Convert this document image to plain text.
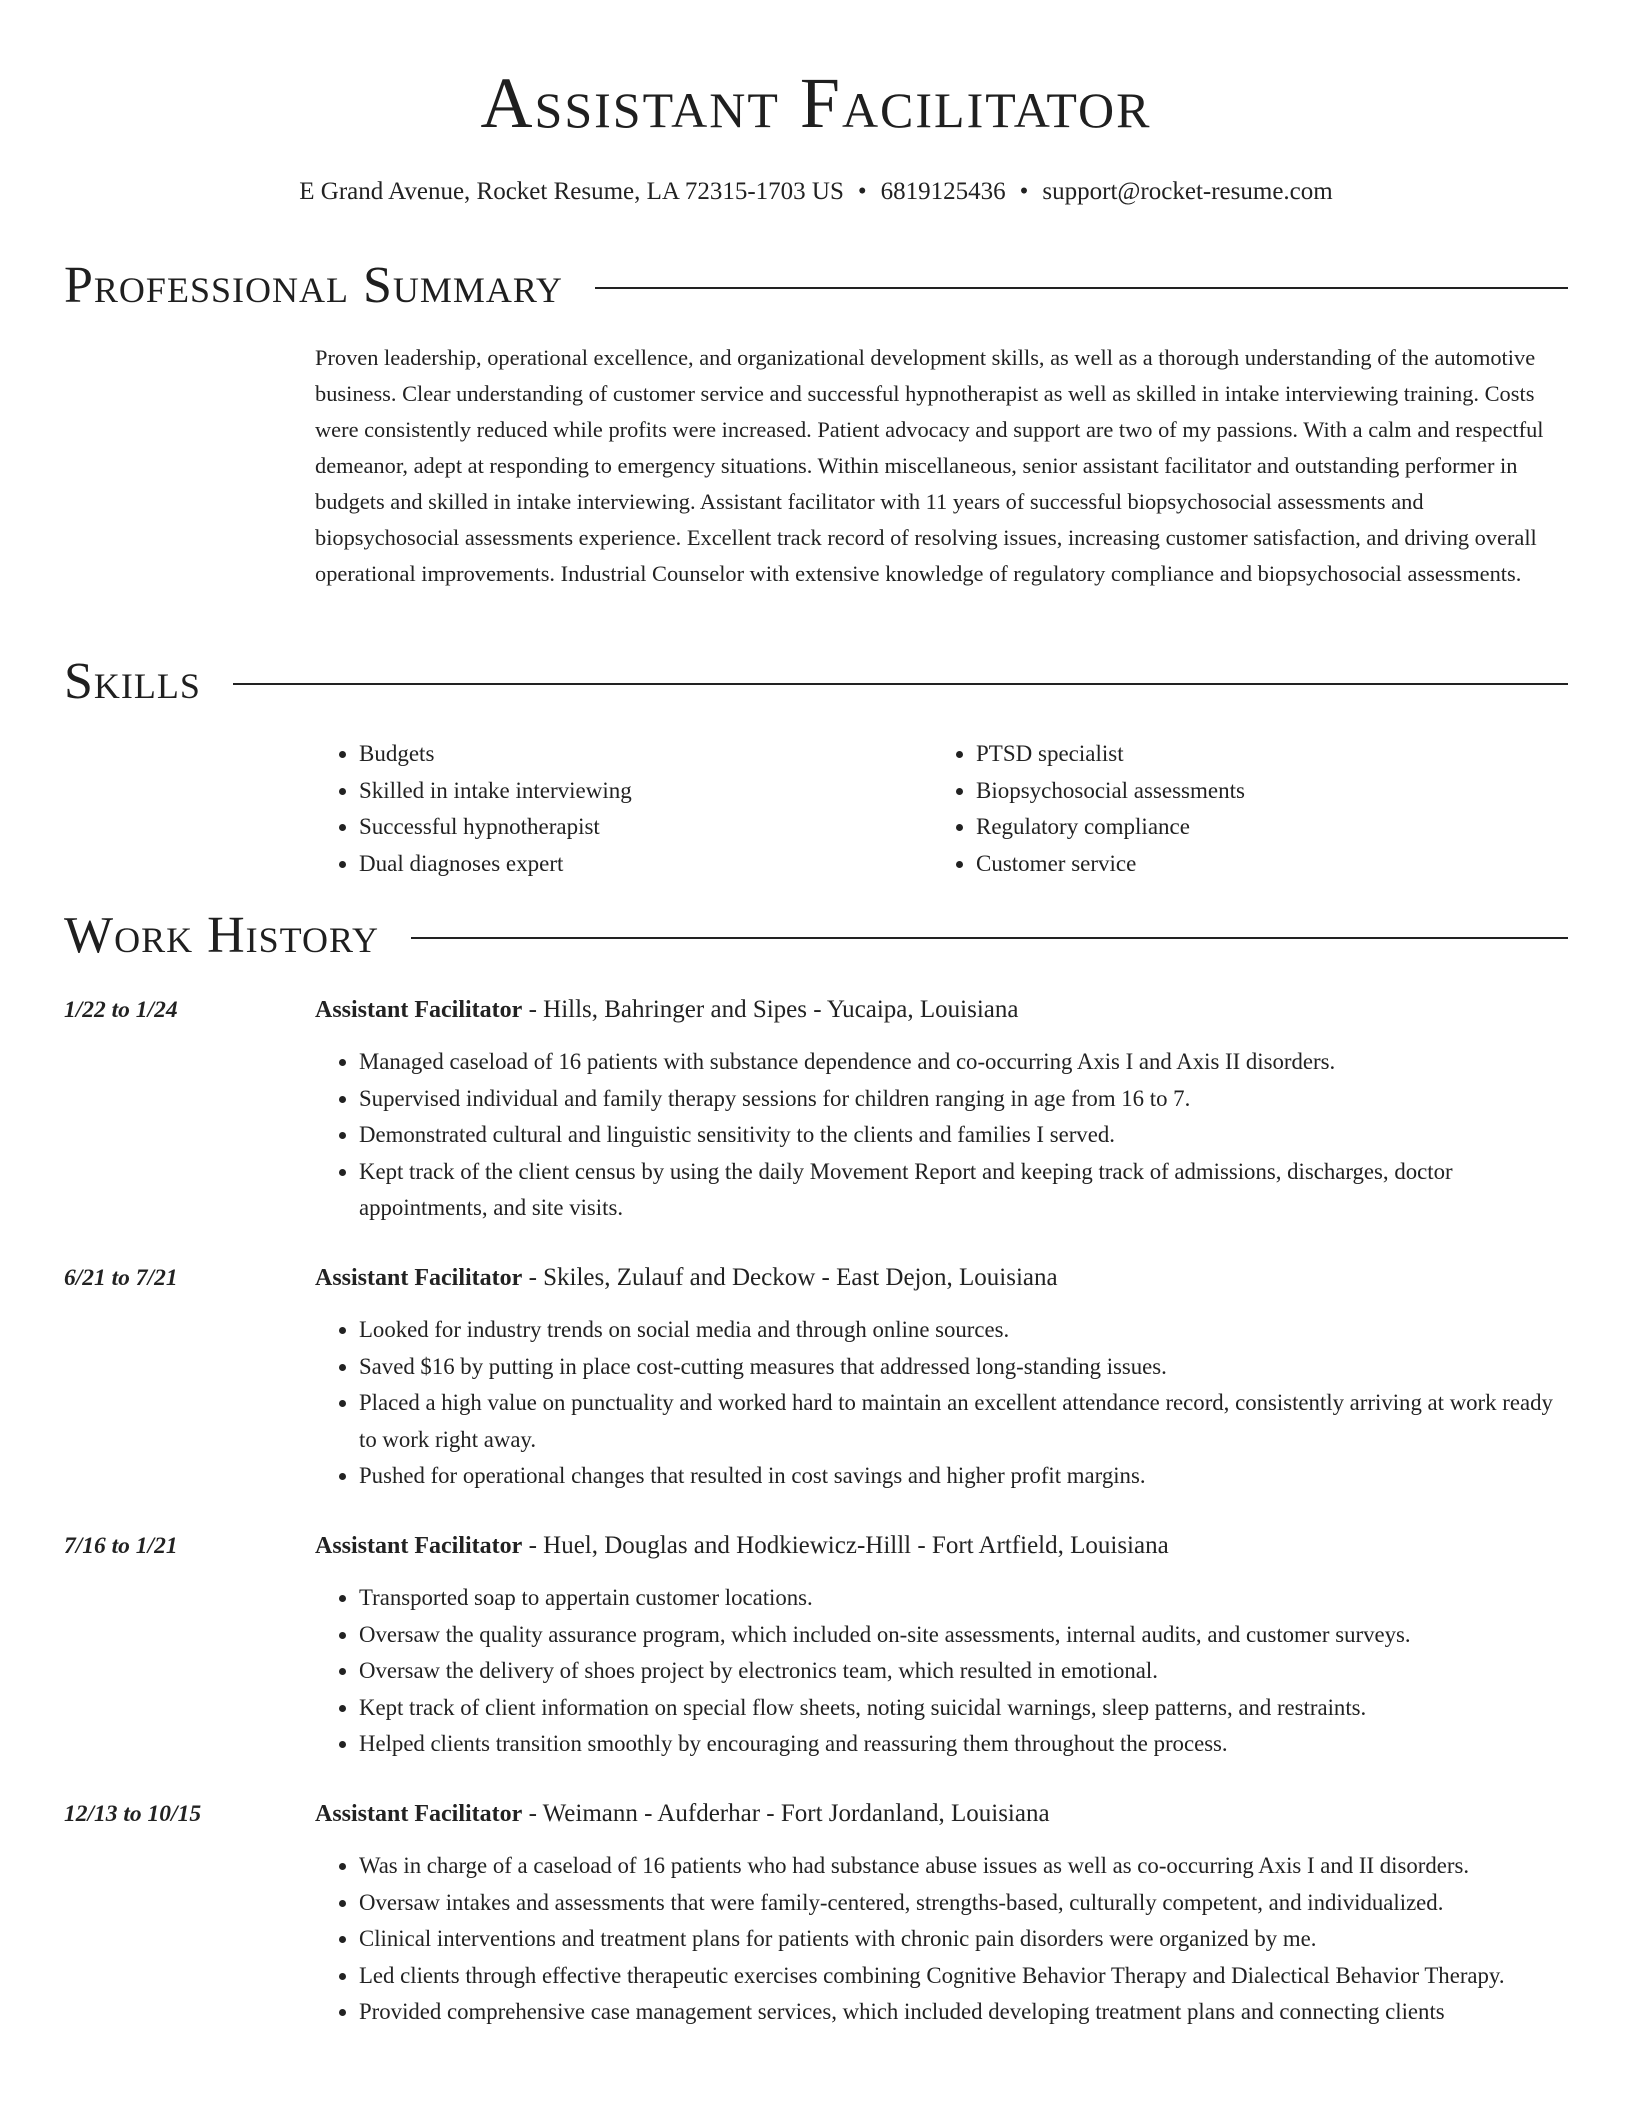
Assistant Facilitator
E Grand Avenue, Rocket Resume, LA 72315-1703 US • 6819125436 • support@rocket-resume.com
Professional Summary
Proven leadership, operational excellence, and organizational development skills, as well as a thorough understanding of the automotive business. Clear understanding of customer service and successful hypnotherapist as well as skilled in intake interviewing training. Costs were consistently reduced while profits were increased. Patient advocacy and support are two of my passions. With a calm and respectful demeanor, adept at responding to emergency situations. Within miscellaneous, senior assistant facilitator and outstanding performer in budgets and skilled in intake interviewing. Assistant facilitator with 11 years of successful biopsychosocial assessments and biopsychosocial assessments experience. Excellent track record of resolving issues, increasing customer satisfaction, and driving overall operational improvements. Industrial Counselor with extensive knowledge of regulatory compliance and biopsychosocial assessments.
Skills
• Budgets
• Skilled in intake interviewing
• Successful hypnotherapist
• Dual diagnoses expert
• PTSD specialist
• Biopsychosocial assessments
• Regulatory compliance
• Customer service
Work History
1/22 to 1/24	Assistant Facilitator - Hills, Bahringer and Sipes - Yucaipa, Louisiana
• Managed caseload of 16 patients with substance dependence and co-occurring Axis I and Axis II disorders.
• Supervised individual and family therapy sessions for children ranging in age from 16 to 7.
• Demonstrated cultural and linguistic sensitivity to the clients and families I served.
• Kept track of the client census by using the daily Movement Report and keeping track of admissions, discharges, doctor appointments, and site visits.
6/21 to 7/21	Assistant Facilitator - Skiles, Zulauf and Deckow - East Dejon, Louisiana
• Looked for industry trends on social media and through online sources.
• Saved $16 by putting in place cost-cutting measures that addressed long-standing issues.
• Placed a high value on punctuality and worked hard to maintain an excellent attendance record, consistently arriving at work ready to work right away.
• Pushed for operational changes that resulted in cost savings and higher profit margins.
7/16 to 1/21	Assistant Facilitator - Huel, Douglas and Hodkiewicz-Hilll - Fort Artfield, Louisiana
• Transported soap to appertain customer locations.
• Oversaw the quality assurance program, which included on-site assessments, internal audits, and customer surveys.
• Oversaw the delivery of shoes project by electronics team, which resulted in emotional.
• Kept track of client information on special flow sheets, noting suicidal warnings, sleep patterns, and restraints.
• Helped clients transition smoothly by encouraging and reassuring them throughout the process.
12/13 to 10/15	Assistant Facilitator - Weimann - Aufderhar - Fort Jordanland, Louisiana
• Was in charge of a caseload of 16 patients who had substance abuse issues as well as co-occurring Axis I and II disorders.
• Oversaw intakes and assessments that were family-centered, strengths-based, culturally competent, and individualized.
• Clinical interventions and treatment plans for patients with chronic pain disorders were organized by me.
• Led clients through effective therapeutic exercises combining Cognitive Behavior Therapy and Dialectical Behavior Therapy.
• Provided comprehensive case management services, which included developing treatment plans and connecting clients
